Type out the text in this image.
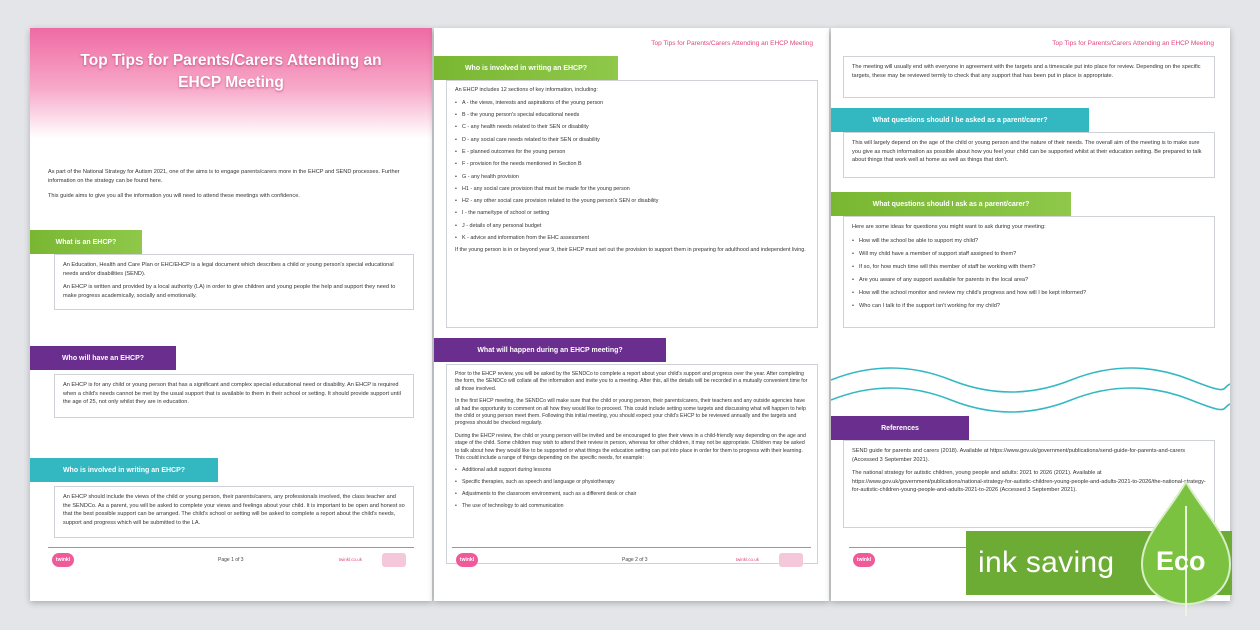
Top Tips for Parents/Carers Attending an EHCP Meeting
As part of the National Strategy for Autism 2021, one of the aims is to engage parents/carers more in the EHCP and SEND processes. Further information on the strategy can be found here.
This guide aims to give you all the information you will need to attend these meetings with confidence.
What is an EHCP?

An Education, Health and Care Plan or EHC/EHCP is a legal document which describes a child or young person's special educational needs and/or disabilities (SEND).

An EHCP is written and provided by a local authority (LA) in order to give children and young people the help and support they need to make progress academically, socially and emotionally.

Who will have an EHCP?

An EHCP is for any child or young person that has a significant and complex special educational need or disability. An EHCP is required when a child's needs cannot be met by the usual support that is available to them in their school or setting. It should provide support until the age of 25, not only whilst they are in education.

Who is involved in writing an EHCP?

An EHCP should include the views of the child or young person, their parents/carers, any professionals involved, the class teacher and the SENDCo. As a parent, you will be asked to complete your views and feelings about your child. It is important to be open and honest so that the best possible support can be arranged. The child's school or setting will be asked to complete a report about the child's needs, support and progress which will be submitted to the LA.

twinkl	Page 1 of 3	twinkl.co.uk
Top Tips for Parents/Carers Attending an EHCP Meeting
Who is involved in writing an EHCP?

An EHCP includes 12 sections of key information, including:

• A - the views, interests and aspirations of the young person
• B - the young person's special educational needs
• C - any health needs related to their SEN or disability
• D - any social care needs related to their SEN or disability
• E - planned outcomes for the young person
• F - provision for the needs mentioned in Section B
• G - any health provision
• H1 - any social care provision that must be made for the young person
• H2 - any other social care provision related to the young person's SEN or disability
• I - the name/type of school or setting
• J - details of any personal budget
• K - advice and information from the EHC assessment

If the young person is in or beyond year 9, their EHCP must set out the provision to support them in preparing for adulthood and independent living.

What will happen during an EHCP meeting?

Prior to the EHCP review, you will be asked by the SENDCo to complete a report about your child's support and progress over the year. After completing the form, the SENDCo will collate all the information and invite you to a meeting. After this, all the details will be recorded in a mutually convenient time for all those involved.

In the first EHCP meeting, the SENDCo will make sure that the child or young person, their parents/carers, their teachers and any outside agencies have all had the opportunity to comment on all how they would like to proceed. This could include setting some targets and discussing what will happen to help the child or young person meet them. Following this initial meeting, you should expect your child's EHCP to be reviewed annually and the targets and progress should be checked regularly.

During the EHCP review, the child or young person will be invited and be encouraged to give their views in a child-friendly way depending on the age and stage of the child. Some children may wish to attend their review in person, whereas for other children, it may not be appropriate. Children may be asked to talk about how they would like to be supported or what things the education setting can put into place in order for them to progress with their learning. This could include a range of things depending on the specific needs, for example:

• Additional adult support during lessons
• Specific therapies, such as speech and language or physiotherapy
• Adjustments to the classroom environment, such as a different desk or chair
• The use of technology to aid communication
twinkl	Page 2 of 3	twinkl.co.uk
Top Tips for Parents/Carers Attending an EHCP Meeting

The meeting will usually end with everyone in agreement with the targets and a timescale put into place for review. Depending on the specific targets, these may be reviewed termly to check that any support that has been put in place is appropriate.

What questions should I be asked as a parent/carer?

This will largely depend on the age of the child or young person and the nature of their needs. The overall aim of the meeting is to make sure you give as much information as possible about how you feel your child can be supported whilst at their education setting. Be prepared to talk about things that work well at home as well as things that don't.

What questions should I ask as a parent/carer?

Here are some ideas for questions you might want to ask during your meeting:

• How will the school be able to support my child?
• Will my child have a member of support staff assigned to them?
• If so, for how much time will this member of staff be working with them?
• Are you aware of any support available for parents in the local area?
• How will the school monitor and review my child's progress and how will I be kept informed?
• Who can I talk to if the support isn't working for my child?
References

SEND guide for parents and carers (2018). Available at https://www.gov.uk/government/publications/send-guide-for-parents-and-carers (Accessed 3 September 2021).

The national strategy for autistic children, young people and adults: 2021 to 2026 (2021). Available at https://www.gov.uk/government/publications/national-strategy-for-autistic-children-young-people-and-adults-2021-to-2026/the-national-strategy-for-autistic-children-young-people-and-adults-2021-to-2026 (Accessed 3 September 2021).

twinkl	ink saving Eco
